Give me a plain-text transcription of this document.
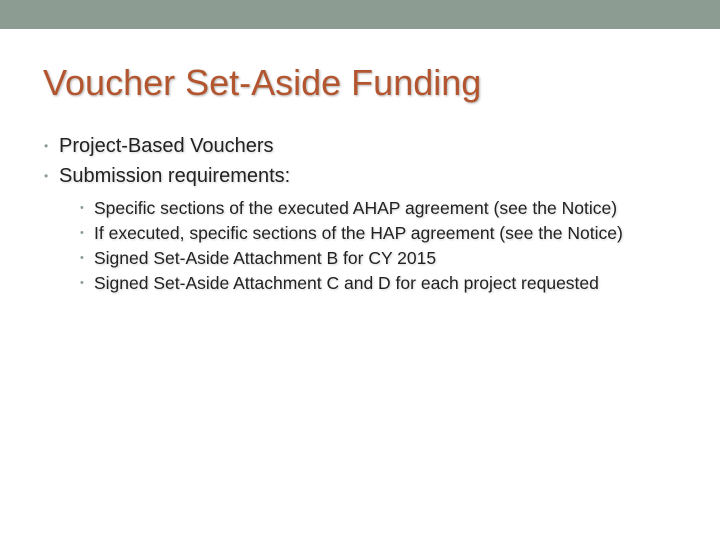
Voucher Set-Aside Funding
• Project-Based Vouchers
• Submission requirements:
• Specific sections of the executed AHAP agreement (see the Notice)
• If executed, specific sections of the HAP agreement (see the Notice)
• Signed Set-Aside Attachment B for CY 2015
• Signed Set-Aside Attachment C and D for each project requested
